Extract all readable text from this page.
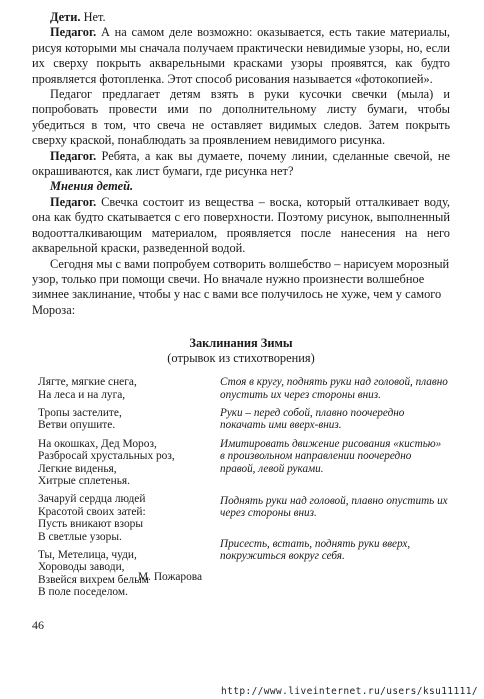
Дети. Нет.

Педагог. А на самом деле возможно: оказывается, есть такие материалы, рисуя которыми мы сначала получаем практически невидимые узоры, но, если их сверху покрыть акварельными красками узоры проявятся, как будто проявляется фотопленка. Этот способ рисования называется «фотокопией».

Педагог предлагает детям взять в руки кусочки свечки (мыла) и попробовать провести ими по дополнительному листу бумаги, чтобы убедиться в том, что свеча не оставляет видимых следов. Затем покрыть сверху краской, понаблюдать за проявлением невидимого рисунка.

Педагог. Ребята, а как вы думаете, почему линии, сделанные свечой, не окрашиваются, как лист бумаги, где рисунка нет?

Мнения детей.

Педагог. Свечка состоит из вещества – воска, который отталкивает воду, она как будто скатывается с его поверхности. Поэтому рисунок, выполненный водоотталкивающим материалом, проявляется после нанесения на него акварельной краски, разведенной водой.

Сегодня мы с вами попробуем сотворить волшебство – нарисуем морозный узор, только при помощи свечи. Но вначале нужно произнести волшебное зимнее заклинание, чтобы у нас с вами все получилось не хуже, чем у самого Мороза:

Заклинания Зимы
(отрывок из стихотворения)
Лягте, мягкие снега,
На леса и на луга,
Тропы застелите,
Ветви опушите.
На окошках, Дед Мороз,
Разбросай хрустальных роз,
Легкие виденья,
Хитрые сплетенья.
Зачаруй сердца людей
Красотой своих затей:
Пусть вникают взоры
В светлые узоры.
Ты, Метелица, чуди,
Хороводы заводи,
Взвейся вихрем белым
В поле поседелом.
Стоя в кругу, поднять руки над головой, плавно опустить их через стороны вниз.
Руки – перед собой, плавно поочередно покачать ими вверх-вниз.
Имитировать движение рисования «кистью» в произвольном направлении поочередно правой, левой руками.
Поднять руки над головой, плавно опустить их через стороны вниз.
Присесть, встать, поднять руки вверх, покружиться вокруг себя.
М. Пожарова
46
http://www.liveinternet.ru/users/ksu11111/
